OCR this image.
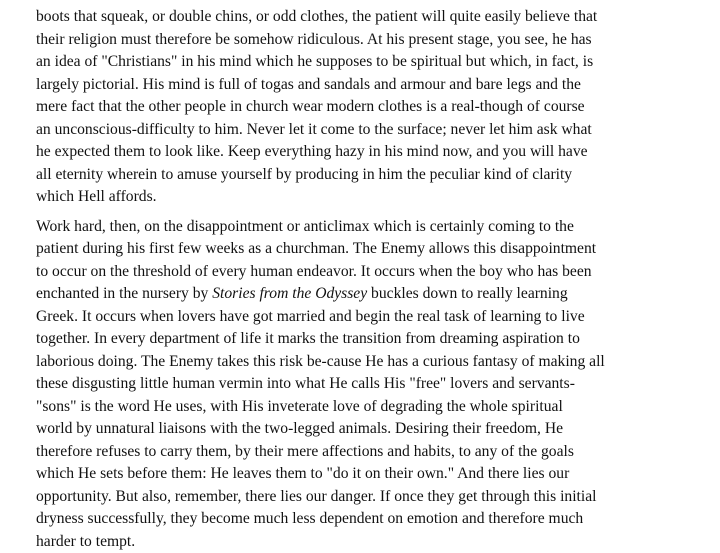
boots that squeak, or double chins, or odd clothes, the patient will quite easily believe that
their religion must therefore be somehow ridiculous. At his present stage, you see, he has
an idea of "Christians" in his mind which he supposes to be spiritual but which, in fact, is
largely pictorial. His mind is full of togas and sandals and armour and bare legs and the
mere fact that the other people in church wear modern clothes is a real-though of course
an unconscious-difficulty to him. Never let it come to the surface; never let him ask what
he expected them to look like. Keep everything hazy in his mind now, and you will have
all eternity wherein to amuse yourself by producing in him the peculiar kind of clarity
which Hell affords.

Work hard, then, on the disappointment or anticlimax which is certainly coming to the
patient during his first few weeks as a churchman. The Enemy allows this disappointment
to occur on the threshold of every human endeavor. It occurs when the boy who has been
enchanted in the nursery by Stories from the Odyssey buckles down to really learning
Greek. It occurs when lovers have got married and begin the real task of learning to live
together. In every department of life it marks the transition from dreaming aspiration to
laborious doing. The Enemy takes this risk be-cause He has a curious fantasy of making all
these disgusting little human vermin into what He calls His "free" lovers and servants-
"sons" is the word He uses, with His inveterate love of degrading the whole spiritual
world by unnatural liaisons with the two-legged animals. Desiring their freedom, He
therefore refuses to carry them, by their mere affections and habits, to any of the goals
which He sets before them: He leaves them to "do it on their own." And there lies our
opportunity. But also, remember, there lies our danger. If once they get through this initial
dryness successfully, they become much less dependent on emotion and therefore much
harder to tempt.
